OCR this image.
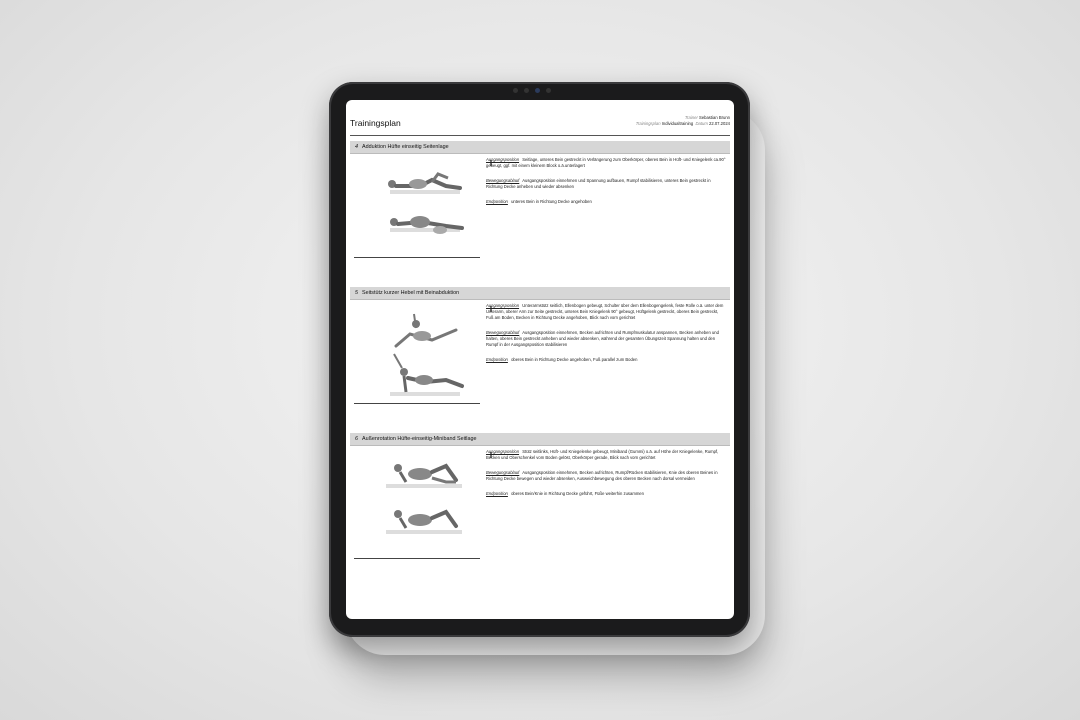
Trainingsplan
Trainer Sebastian Brunn
Trainingsplan Individualtraining Datum 22.07.2024
4 Adduktion Hüfte einseitig Seitenlage

Ausgangsposition Seitlage, unteres Bein gestreckt in Verlängerung zum Oberkörper, oberes Bein in Hüft- und Kniegelenk ca.90° gebeugt, ggf. mit einem kleinem Block o.ä.unterlagert

Bewegungsablauf Ausgangsposition einnehmen und Spannung aufbauen, Rumpf stabilisieren, unteres Bein gestreckt in Richtung Decke anheben und wieder absenken

Endposition unteres Bein in Richtung Decke angehoben

5 Seitstütz kurzer Hebel mit Beinabduktion

Ausgangsposition Unterarmstütz seitlich, Ellenbogen gebeugt, Schulter über dem Ellenbogengelenk, feste Rolle o.ä. unter dem Unterarm, oberer Arm zur Seite gestreckt, unteres Bein Kniegelenk 90° gebeugt, Hüftgelenk gestreckt, oberes Bein gestreckt, Fuß am Boden, Becken in Richtung Decke angehoben, Blick nach vorn gerichtet

Bewegungsablauf Ausgangsposition einnehmen, Becken aufrichten und Rumpfmuskulatur anspannen, Becken anheben und halten, oberes Bein gestreckt anheben und wieder absenken, während der gesamten Übungszeit Spannung halten und den Rumpf in der Ausgangsposition stabilisieren

Endposition oberes Bein in Richtung Decke angehoben, Fuß parallel zum Boden

6 Außenrotation Hüfte-einseitig-Miniband Seitlage

Ausgangsposition Stütz seitlinks, Hüft- und Kniegelenke gebeugt, Miniband (Gummi) o.ä. auf Höhe der Kniegelenke, Rumpf, Becken und Oberschenkel vom Boden gelöst, Oberkörper gerade, Blick nach vorn gerichtet

Bewegungsablauf Ausgangsposition einnehmen, Becken aufrichten, Rumpf/Rücken stabilisieren, Knie des oberen Beines in Richtung Decke bewegen und wieder absenken, Ausweichbewegung des oberen Becken nach dorsal vermeiden

Endposition oberes Bein/Knie in Richtung Decke geführt, Füße weiterhin zusammen
